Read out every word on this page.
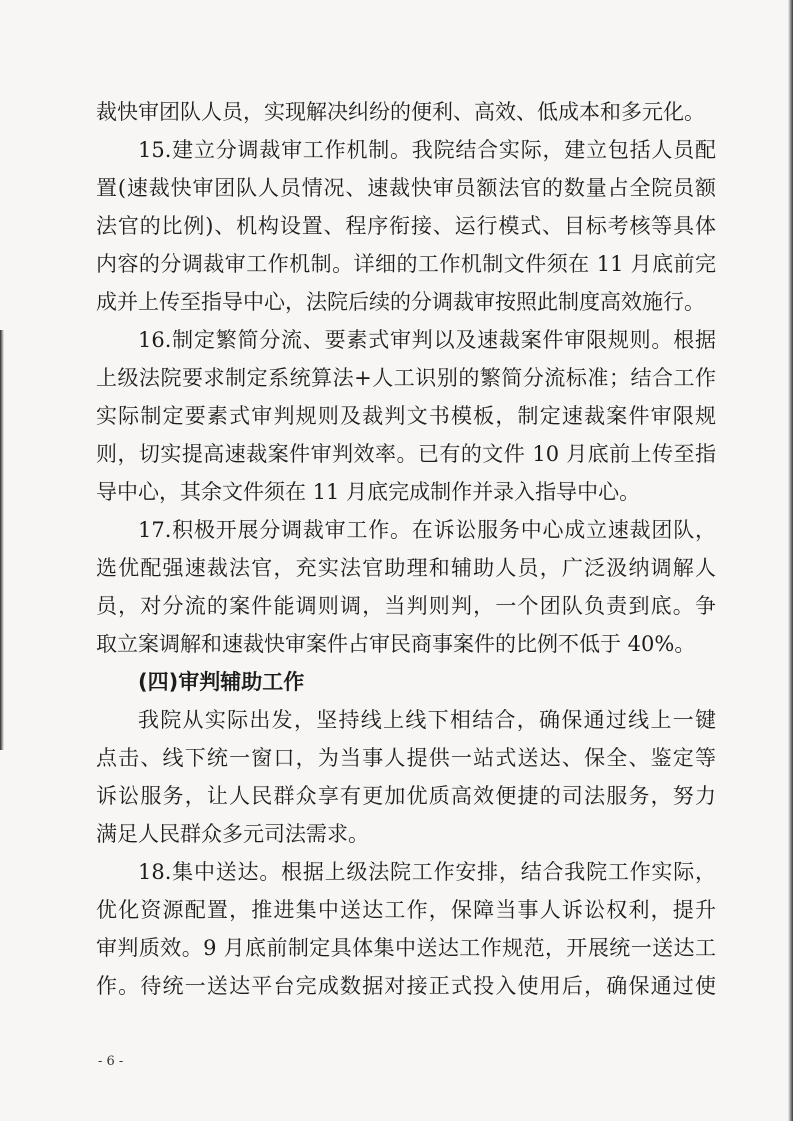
裁快审团队人员，实现解决纠纷的便利、高效、低成本和多元化。
15.建立分调裁审工作机制。我院结合实际，建立包括人员配
置(速裁快审团队人员情况、速裁快审员额法官的数量占全院员额
法官的比例)、机构设置、程序衔接、运行模式、目标考核等具体
内容的分调裁审工作机制。详细的工作机制文件须在 11 月底前完
成并上传至指导中心，法院后续的分调裁审按照此制度高效施行。
16.制定繁简分流、要素式审判以及速裁案件审限规则。根据
上级法院要求制定系统算法+人工识别的繁简分流标准；结合工作
实际制定要素式审判规则及裁判文书模板，制定速裁案件审限规
则，切实提高速裁案件审判效率。已有的文件 10 月底前上传至指
导中心，其余文件须在 11 月底完成制作并录入指导中心。
17.积极开展分调裁审工作。在诉讼服务中心成立速裁团队，
选优配强速裁法官，充实法官助理和辅助人员，广泛汲纳调解人
员，对分流的案件能调则调，当判则判，一个团队负责到底。争
取立案调解和速裁快审案件占审民商事案件的比例不低于 40%。
(四)审判辅助工作
我院从实际出发，坚持线上线下相结合，确保通过线上一键
点击、线下统一窗口，为当事人提供一站式送达、保全、鉴定等
诉讼服务，让人民群众享有更加优质高效便捷的司法服务，努力
满足人民群众多元司法需求。
18.集中送达。根据上级法院工作安排，结合我院工作实际，
优化资源配置，推进集中送达工作，保障当事人诉讼权利，提升
审判质效。9 月底前制定具体集中送达工作规范，开展统一送达工
作。待统一送达平台完成数据对接正式投入使用后，确保通过使
- 6 -
